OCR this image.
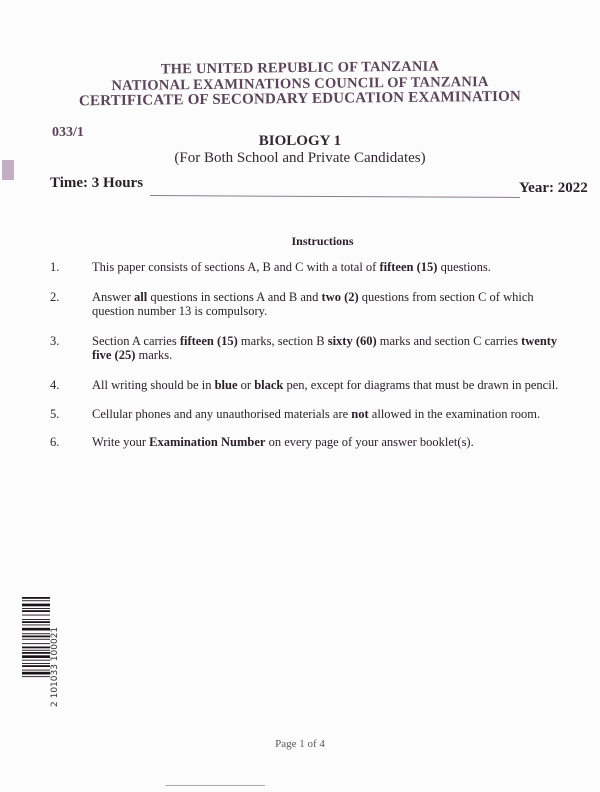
THE UNITED REPUBLIC OF TANZANIA
NATIONAL EXAMINATIONS COUNCIL OF TANZANIA
CERTIFICATE OF SECONDARY EDUCATION EXAMINATION
033/1
BIOLOGY 1
(For Both School and Private Candidates)
Time: 3 Hours	Year: 2022
Instructions
1.	This paper consists of sections A, B and C with a total of fifteen (15) questions.
2.	Answer all questions in sections A and B and two (2) questions from section C of which
question number 13 is compulsory.
3.	Section A carries fifteen (15) marks, section B sixty (60) marks and section C carries twenty
five (25) marks.
4.	All writing should be in blue or black pen, except for diagrams that must be drawn in pencil.
5.	Cellular phones and any unauthorised materials are not allowed in the examination room.
6.	Write your Examination Number on every page of your answer booklet(s).
2 101033 100021
Page 1 of 4
